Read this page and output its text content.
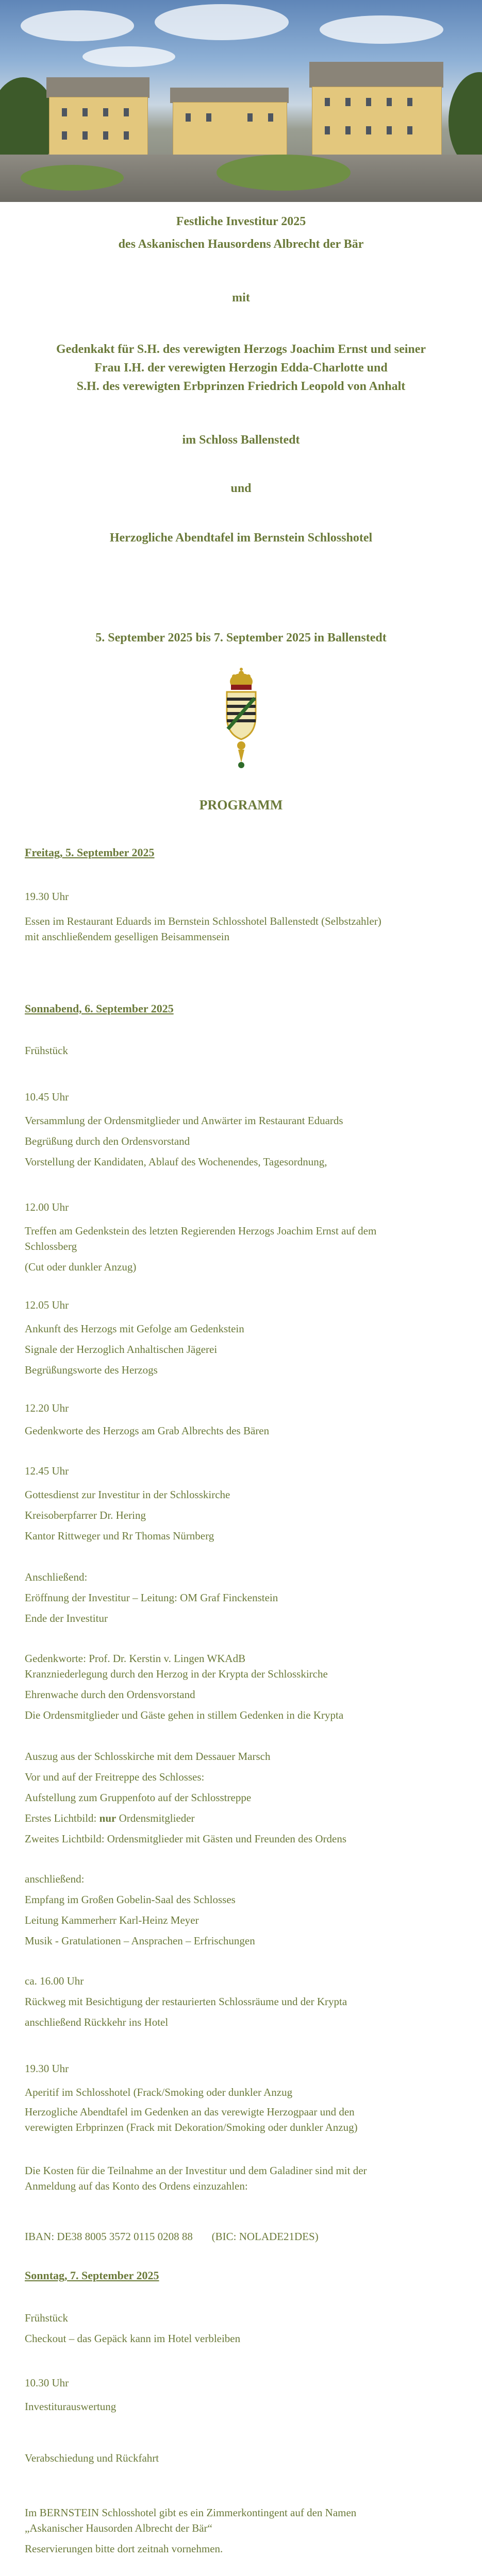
Festliche Investitur 2025
des Askanischen Hausordens Albrecht der Bär
mit
Gedenkakt für S.H. des verewigten Herzogs Joachim Ernst und seiner
Frau I.H. der verewigten Herzogin Edda-Charlotte und
S.H. des verewigten Erbprinzen Friedrich Leopold von Anhalt
im Schloss Ballenstedt
und
Herzogliche Abendtafel im Bernstein Schlosshotel
5. September 2025 bis 7. September 2025 in Ballenstedt
PROGRAMM
Freitag, 5. September 2025
19.30 Uhr
Essen im Restaurant Eduards im Bernstein Schlosshotel Ballenstedt (Selbstzahler)
mit anschließendem geselligen Beisammensein
Sonnabend, 6. September 2025
Frühstück
10.45 Uhr
Versammlung der Ordensmitglieder und Anwärter im Restaurant Eduards
Begrüßung durch den Ordensvorstand
Vorstellung der Kandidaten, Ablauf des Wochenendes, Tagesordnung,
12.00 Uhr
Treffen am Gedenkstein des letzten Regierenden Herzogs Joachim Ernst auf dem
Schlossberg
(Cut oder dunkler Anzug)
12.05 Uhr
Ankunft des Herzogs mit Gefolge am Gedenkstein
Signale der Herzoglich Anhaltischen Jägerei
Begrüßungsworte des Herzogs
12.20 Uhr
Gedenkworte des Herzogs am Grab Albrechts des Bären
12.45 Uhr
Gottesdienst zur Investitur in der Schlosskirche
Kreisoberpfarrer Dr. Hering
Kantor Rittweger und Rr Thomas Nürnberg
Anschließend:
Eröffnung der Investitur – Leitung: OM Graf Finckenstein
Ende der Investitur
Gedenkworte: Prof. Dr. Kerstin v. Lingen WKAdB
Kranzniederlegung durch den Herzog in der Krypta der Schlosskirche
Ehrenwache durch den Ordensvorstand
Die Ordensmitglieder und Gäste gehen in stillem Gedenken in die Krypta
Auszug aus der Schlosskirche mit dem Dessauer Marsch
Vor und auf der Freitreppe des Schlosses:
Aufstellung zum Gruppenfoto auf der Schlosstreppe
Erstes Lichtbild: nur Ordensmitglieder
Zweites Lichtbild: Ordensmitglieder mit Gästen und Freunden des Ordens
anschließend:
Empfang im Großen Gobelin-Saal des Schlosses
Leitung Kammerherr Karl-Heinz Meyer
Musik - Gratulationen – Ansprachen – Erfrischungen
ca. 16.00 Uhr
Rückweg mit Besichtigung der restaurierten Schlossräume und der Krypta
anschließend Rückkehr ins Hotel
19.30 Uhr
Aperitif im Schlosshotel (Frack/Smoking oder dunkler Anzug
Herzogliche Abendtafel im Gedenken an das verewigte Herzogpaar und den
verewigten Erbprinzen (Frack mit Dekoration/Smoking oder dunkler Anzug)
Die Kosten für die Teilnahme an der Investitur und dem Galadiner sind mit der
Anmeldung auf das Konto des Ordens einzuzahlen:
IBAN: DE38 8005 3572 0115 0208 88       (BIC: NOLADE21DES)
Sonntag, 7. September 2025
Frühstück
Checkout – das Gepäck kann im Hotel verbleiben
10.30 Uhr
Investiturauswertung
Verabschiedung und Rückfahrt
Im BERNSTEIN Schlosshotel gibt es ein Zimmerkontingent auf den Namen
„Askanischer Hausorden Albrecht der Bär“
Reservierungen bitte dort zeitnah vornehmen.
